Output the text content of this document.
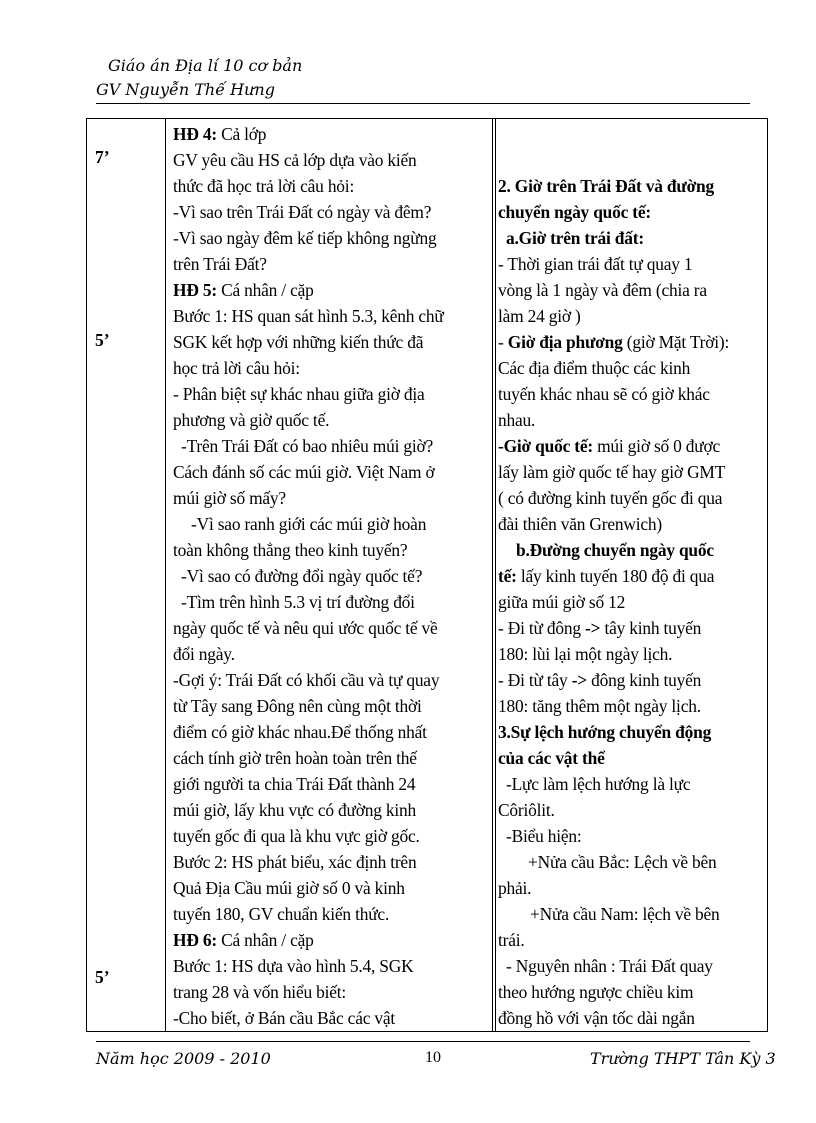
Giáo án Địa lí 10 cơ bản
GV Nguyễn Thế Hưng
7’
5’
5’
HĐ 4: Cả lớp
GV yêu cầu HS cả lớp dựa vào kiến
thức đã học trả lời câu hỏi:
-Vì sao trên Trái Đất có ngày và đêm?
-Vì sao ngày đêm kế tiếp không ngừng
trên Trái Đất?
HĐ 5: Cá nhân / cặp
Bước 1: HS quan sát hình 5.3, kênh chữ
SGK kết hợp với những kiến thức đã
học trả lời câu hỏi:
- Phân biệt sự khác nhau giữa giờ địa
phương và giờ quốc tế.
-Trên Trái Đất có bao nhiêu múi giờ?
Cách đánh số các múi giờ. Việt Nam ở
múi giờ số mấy?
-Vì sao ranh giới các múi giờ hoàn
toàn không thẳng theo kinh tuyến?
-Vì sao có đường đổi ngày quốc tế?
-Tìm trên hình 5.3 vị trí đường đổi
ngày quốc tế và nêu qui ước quốc tế về
đổi ngày.
-Gợi ý: Trái Đất có khối cầu và tự quay
từ Tây sang Đông nên cùng một thời
điểm có giờ khác nhau.Để thống nhất
cách tính giờ trên hoàn toàn trên thế
giới người ta chia Trái Đất thành 24
múi giờ, lấy khu vực có đường kinh
tuyến gốc đi qua là khu vực giờ gốc.
Bước 2: HS phát biểu, xác định trên
Quả Địa Cầu múi giờ số 0 và kinh
tuyến 180, GV chuẩn kiến thức.
HĐ 6: Cá nhân / cặp
Bước 1: HS dựa vào hình 5.4, SGK
trang 28 và vốn hiểu biết:
-Cho biết, ở Bán cầu Bắc các vật
2. Giờ trên Trái Đất và đường
chuyển ngày quốc tế:
a.Giờ trên trái đất:
- Thời gian trái đất tự quay 1
vòng là 1 ngày và đêm (chia ra
làm 24 giờ )
- Giờ địa phương (giờ Mặt Trời):
Các địa điểm thuộc các kinh
tuyến khác nhau sẽ có giờ khác
nhau.
-Giờ quốc tế: múi giờ số 0 được
lấy làm giờ quốc tế hay giờ GMT
( có đường kinh tuyến gốc đi qua
đài thiên văn Grenwich)
b.Đường chuyển ngày quốc
tế: lấy kinh tuyến 180 độ đi qua
giữa múi giờ số 12
- Đi từ đông -> tây kinh tuyến
180: lùi lại một ngày lịch.
- Đi từ tây -> đông kinh tuyến
180: tăng thêm một ngày lịch.
3.Sự lệch hướng chuyển động
của các vật thể
-Lực làm lệch hướng là lực
Côriôlit.
-Biểu hiện:
+Nửa cầu Bắc: Lệch về bên
phải.
+Nửa cầu Nam: lệch về bên
trái.
- Nguyên nhân : Trái Đất quay
theo hướng ngược chiều kim
đồng hồ với vận tốc dài ngắn
Năm học 2009 - 2010	10	Trường THPT Tân Kỳ 3
